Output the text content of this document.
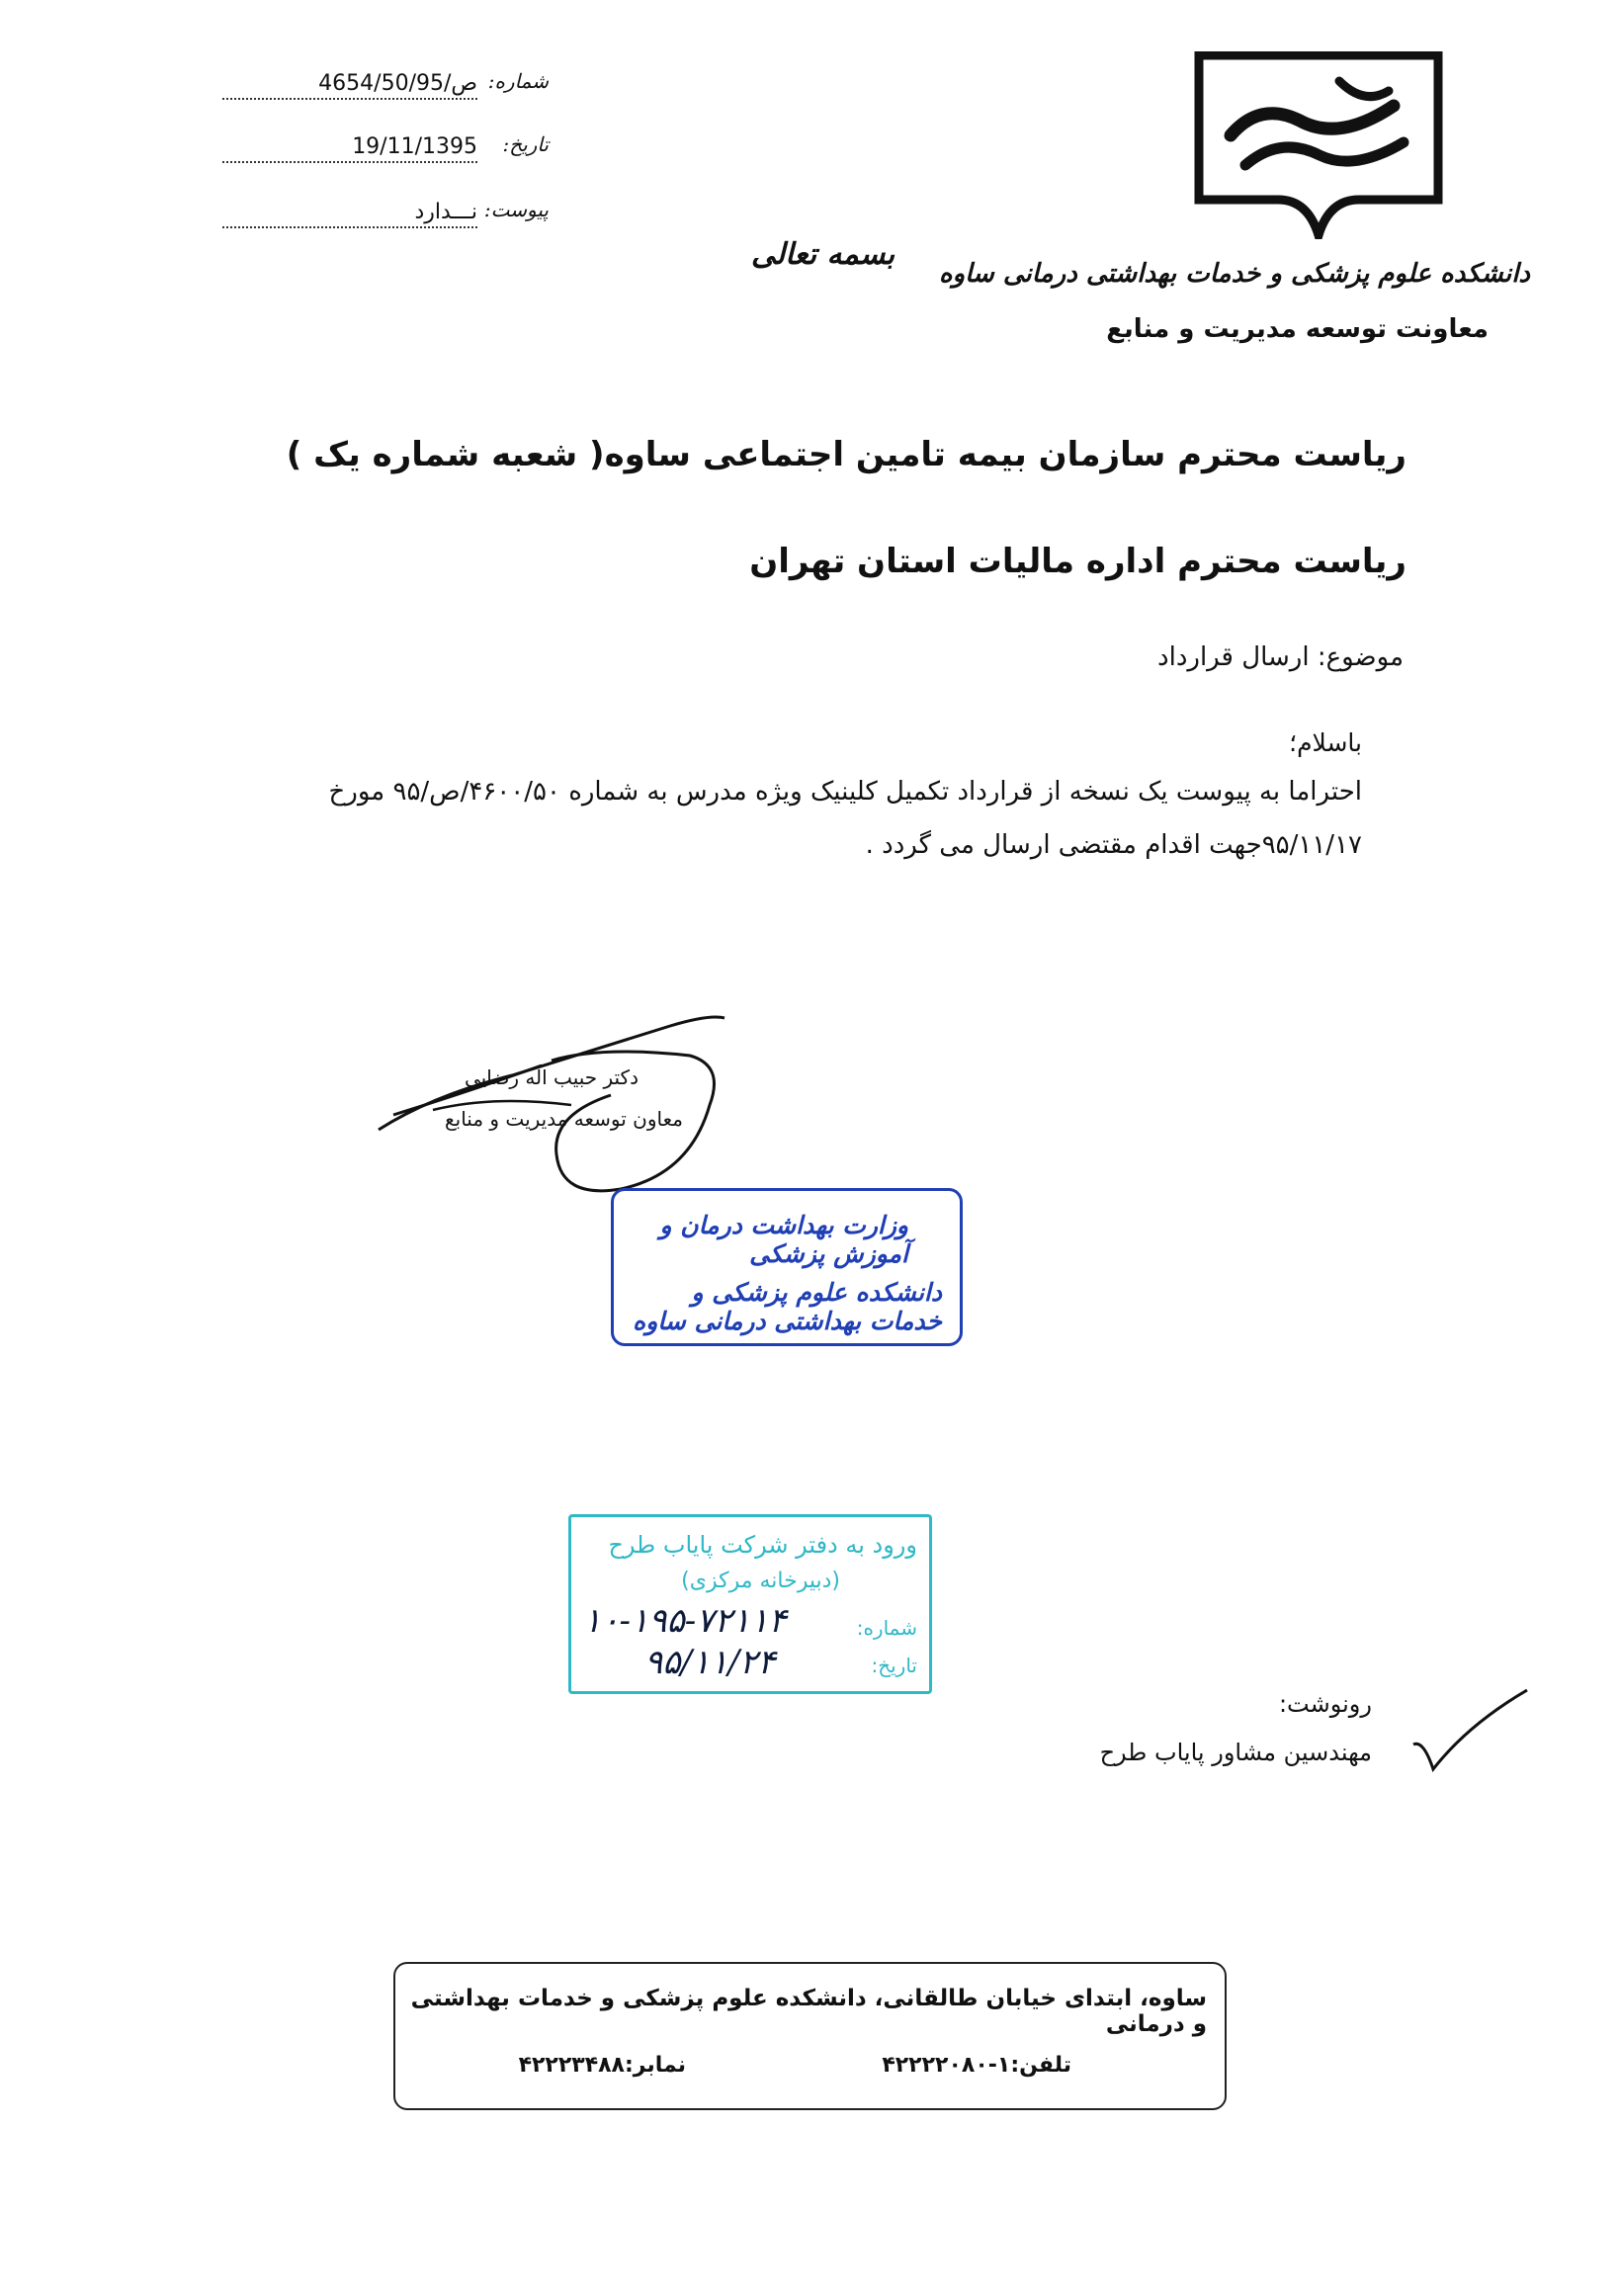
شماره:
4654/50/ص/95
تاریخ:
19/11/1395
پیوست:
نـــدارد
بسمه تعالی
دانشکده علوم پزشکی و خدمات بهداشتی درمانی ساوه
معاونت توسعه مدیریت و منابع
ریاست محترم سازمان بیمه تامین اجتماعی ساوه( شعبه شماره یک )
ریاست محترم اداره مالیات استان تهران
موضوع: ارسال قرارداد
باسلام؛
احتراما به پیوست یک نسخه از قرارداد تکمیل کلینیک ویژه مدرس به شماره ۴۶۰۰/۵۰/ص/۹۵ مورخ
۹۵/۱۱/۱۷جهت اقدام مقتضی ارسال می گردد .
دکتر حبیب اله رضایی
معاون توسعه مدیریت و منابع
وزارت بهداشت درمان و آموزش پزشکی
دانشکده علوم پزشکی و خدمات بهداشتی درمانی ساوه
ورود به دفتر شرکت پایاب طرح
(دبیرخانه مرکزی)
شماره:
تاریخ:
۱۰-۱۹۵-۷۲۱۱۴
۹۵/۱۱/۲۴
رونوشت:
مهندسین مشاور پایاب طرح
ساوه، ابتدای خیابان طالقانی، دانشکده علوم پزشکی و خدمات بهداشتی و درمانی
تلفن:۱-۴۲۲۲۲۰۸۰
نمابر:۴۲۲۲۳۴۸۸
